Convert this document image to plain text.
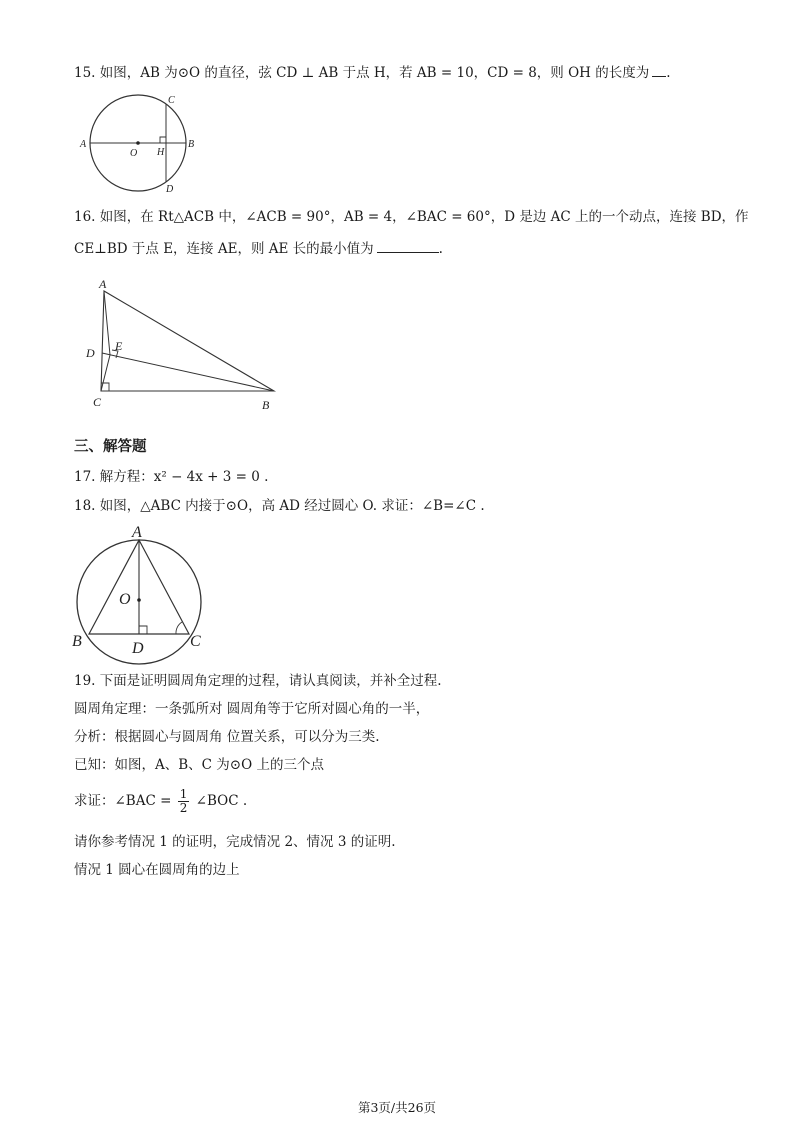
15. 如图，AB 为⊙O 的直径，弦 CD ⊥ AB 于点 H，若 AB = 10，CD = 8，则 OH 的长度为 .
A
O H
B
C
D
16. 如图，在 Rt△ACB 中，∠ACB = 90°，AB = 4，∠BAC = 60°，D 是边 AC 上的一个动点，连接 BD，作
CE⊥BD 于点 E，连接 AE，则 AE 长的最小值为	.
A
D E
C	B
三、解答题
17. 解方程：x² − 4x + 3 = 0 .
18. 如图，△ABC 内接于⊙O，高 AD 经过圆心 O. 求证：∠B=∠C .
A
O
B	D	C
19. 下面是证明圆周角定理的过程，请认真阅读，并补全过程.
圆周角定理：一条弧所对 圆周角等于它所对圆心角的一半，
分析：根据圆心与圆周角 位置关系，可以分为三类.
已知：如图，A、B、C 为⊙O 上的三个点
求证：∠BAC = $\frac{1}{2}$ ∠BOC .
请你参考情况 1 的证明，完成情况 2、情况 3 的证明.
情况 1 圆心在圆周角的边上
第3页/共26页
